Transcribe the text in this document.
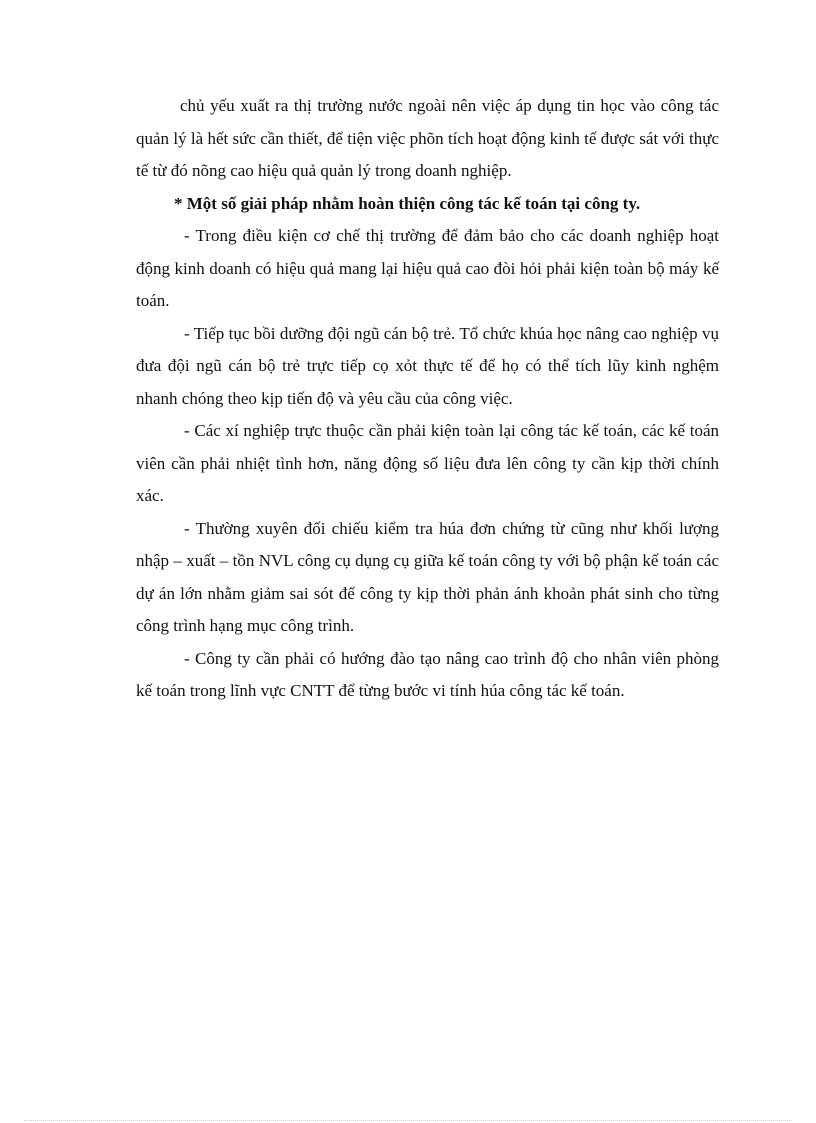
chủ yếu xuất ra thị trường nước ngoài nên việc áp dụng tin học vào công tác quản lý là hết sức cần thiết, để tiện việc phõn tích hoạt động kinh tế được sát với thực tế từ đó nõng cao hiệu quả quản lý trong doanh nghiệp.

* Một số giải pháp nhằm hoàn thiện công tác kế toán tại công ty.

- Trong điều kiện cơ chế thị trường để đảm bảo cho các doanh nghiệp hoạt động kinh doanh có hiệu quả mang lại hiệu quả cao đòi hỏi phải kiện toàn bộ máy kế toán.

- Tiếp tục bồi dưỡng đội ngũ cán bộ trẻ. Tổ chức khúa học nâng cao nghiệp vụ đưa đội ngũ cán bộ trẻ trực tiếp cọ xỏt thực tế để họ có thể tích lũy kinh nghệm nhanh chóng theo kịp tiến độ và yêu cầu của công việc.

- Các xí nghiệp trực thuộc cần phải kiện toàn lại công tác kế toán, các kế toán viên cần phải nhiệt tình hơn, năng động số liệu đưa lên công ty cần kịp thời chính xác.

- Thường xuyên đối chiếu kiểm tra húa đơn chứng từ cũng như khối lượng nhập – xuất – tồn NVL công cụ dụng cụ giữa kế toán công ty với bộ phận kế toán các dự án lớn nhằm giảm sai sót để công ty kịp thời phản ánh khoản phát sinh cho từng công trình hạng mục công trình.

- Công ty cần phải có hướng đào tạo nâng cao trình độ cho nhân viên phòng kế toán trong lĩnh vực CNTT để từng bước vi tính húa công tác kế toán.
